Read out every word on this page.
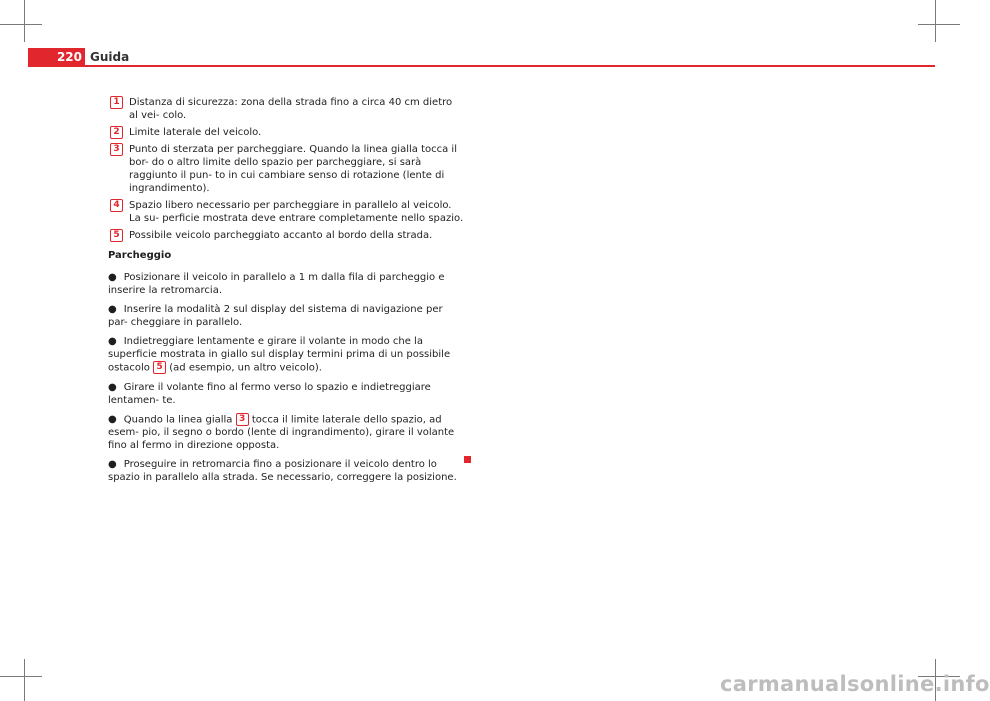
220 Guida
1 Distanza di sicurezza: zona della strada fino a circa 40 cm dietro al vei- colo.
2 Limite laterale del veicolo.
3 Punto di sterzata per parcheggiare. Quando la linea gialla tocca il bor- do o altro limite dello spazio per parcheggiare, si sarà raggiunto il pun- to in cui cambiare senso di rotazione (lente di ingrandimento).
4 Spazio libero necessario per parcheggiare in parallelo al veicolo. La su- perficie mostrata deve entrare completamente nello spazio.
5 Possibile veicolo parcheggiato accanto al bordo della strada.
Parcheggio
● Posizionare il veicolo in parallelo a 1 m dalla fila di parcheggio e inserire la retromarcia.
● Inserire la modalità 2 sul display del sistema di navigazione per par- cheggiare in parallelo.
● Indietreggiare lentamente e girare il volante in modo che la superficie mostrata in giallo sul display termini prima di un possibile ostacolo 5 (ad esempio, un altro veicolo).
● Girare il volante fino al fermo verso lo spazio e indietreggiare lentamen- te.
● Quando la linea gialla 3 tocca il limite laterale dello spazio, ad esem- pio, il segno o bordo (lente di ingrandimento), girare il volante fino al fermo in direzione opposta.
● Proseguire in retromarcia fino a posizionare il veicolo dentro lo spazio in parallelo alla strada. Se necessario, correggere la posizione.
carmanualsonline.info
